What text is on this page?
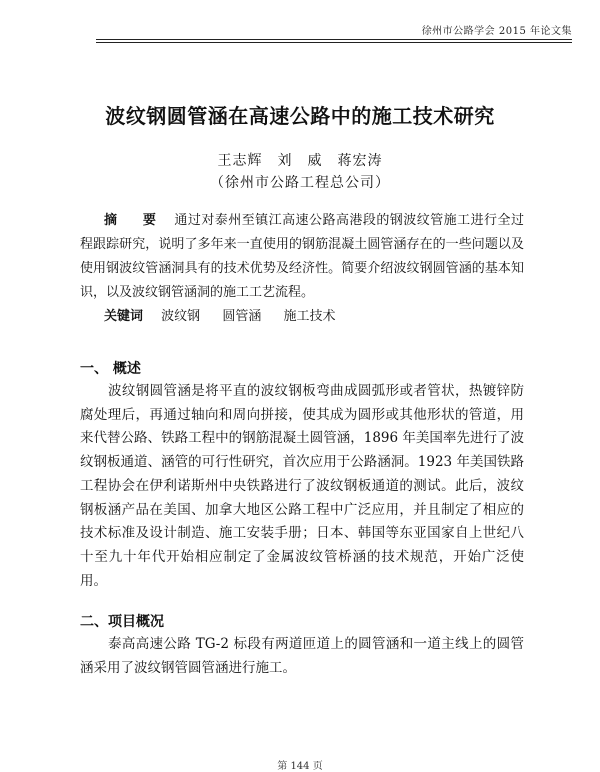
徐州市公路学会 2015 年论文集
波纹钢圆管涵在高速公路中的施工技术研究
王志辉　刘　威　蒋宏涛
（徐州市公路工程总公司）

摘　要 通过对泰州至镇江高速公路高港段的钢波纹管施工进行全过程跟踪研究，说明了多年来一直使用的钢筋混凝土圆管涵存在的一些问题以及使用钢波纹管涵洞具有的技术优势及经济性。简要介绍波纹钢圆管涵的基本知识，以及波纹钢管涵洞的施工工艺流程。

关键词 波纹钢 圆管涵 施工技术
一、 概述

波纹钢圆管涵是将平直的波纹钢板弯曲成圆弧形或者管状，热镀锌防腐处理后，再通过轴向和周向拼接，使其成为圆形或其他形状的管道，用来代替公路、铁路工程中的钢筋混凝土圆管涵，1896 年美国率先进行了波纹钢板通道、涵管的可行性研究，首次应用于公路涵洞。1923 年美国铁路工程协会在伊利诺斯州中央铁路进行了波纹钢板通道的测试。此后，波纹钢板涵产品在美国、加拿大地区公路工程中广泛应用，并且制定了相应的技术标准及设计制造、施工安装手册；日本、韩国等东亚国家自上世纪八十至九十年代开始相应制定了金属波纹管桥涵的技术规范，开始广泛使用。

二、项目概况

泰高高速公路 TG-2 标段有两道匝道上的圆管涵和一道主线上的圆管涵采用了波纹钢管圆管涵进行施工。

第 144 页
